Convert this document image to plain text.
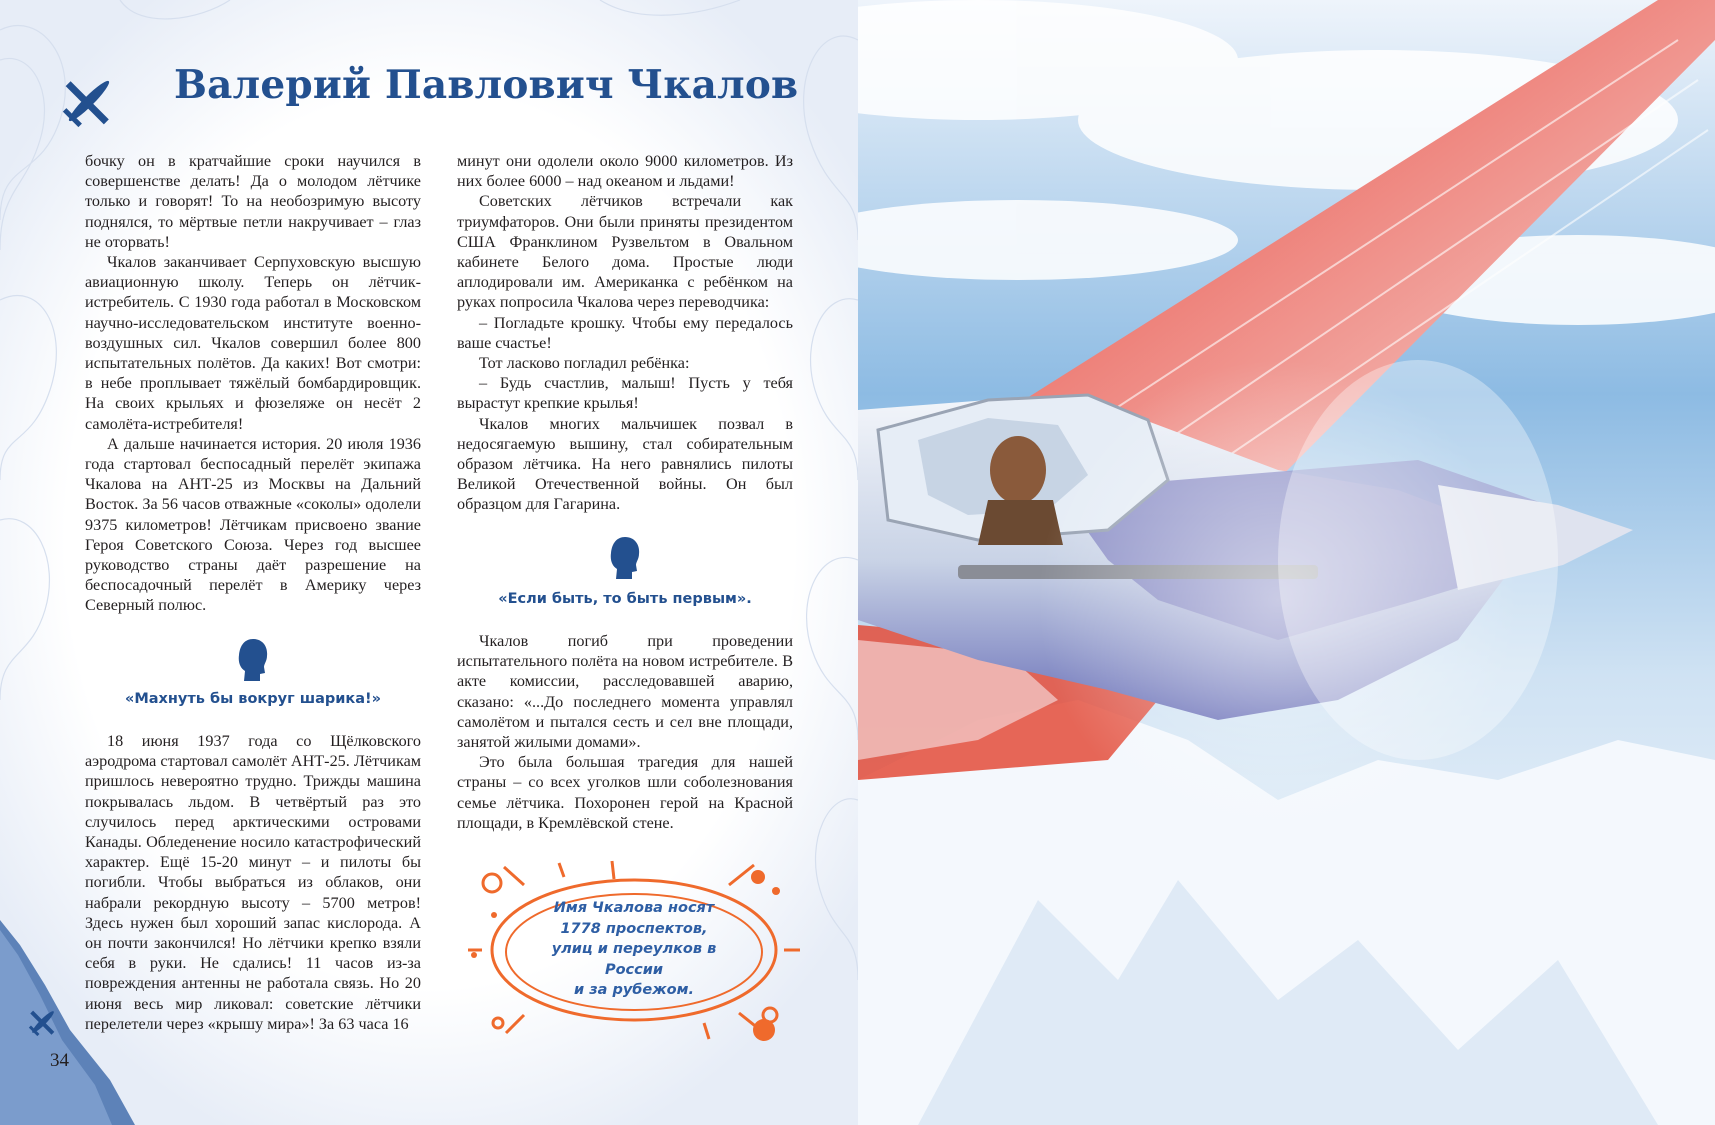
Валерий Павлович Чкалов

бочку он в кратчайшие сроки научился в совершенстве делать! Да о молодом лётчике только и говорят! То на необозримую высоту поднялся, то мёртвые петли накручивает – глаз не оторвать!

Чкалов заканчивает Серпуховскую высшую авиационную школу. Теперь он лётчик-истребитель. С 1930 года работал в Московском научно-исследовательском институте военно-воздушных сил. Чкалов совершил более 800 испытательных полётов. Да каких! Вот смотри: в небе проплывает тяжёлый бомбардировщик. На своих крыльях и фюзеляже он несёт 2 самолёта-истребителя!

А дальше начинается история. 20 июля 1936 года стартовал беспосадный перелёт экипажа Чкалова на АНТ-25 из Москвы на Дальний Восток. За 56 часов отважные «соколы» одолели 9375 километров! Лётчикам присвоено звание Героя Советского Союза. Через год высшее руководство страны даёт разрешение на беспосадочный перелёт в Америку через Северный полюс.

«Махнуть бы вокруг шарика!»

18 июня 1937 года со Щёлковского аэродрома стартовал самолёт АНТ-25. Лётчикам пришлось невероятно трудно. Трижды машина покрывалась льдом. В четвёртый раз это случилось перед арктическими островами Канады. Обледенение носило катастрофический характер. Ещё 15-20 минут – и пилоты бы погибли. Чтобы выбраться из облаков, они набрали рекордную высоту – 5700 метров! Здесь нужен был хороший запас кислорода. А он почти закончился! Но лётчики крепко взяли себя в руки. Не сдались! 11 часов из-за повреждения антенны не работала связь. Но 20 июня весь мир ликовал: советские лётчики перелетели через «крышу мира»! За 63 часа 16

минут они одолели около 9000 километров. Из них более 6000 – над океаном и льдами!

Советских лётчиков встречали как триумфаторов. Они были приняты президентом США Франклином Рузвельтом в Овальном кабинете Белого дома. Простые люди аплодировали им. Американка с ребёнком на руках попросила Чкалова через переводчика:

– Погладьте крошку. Чтобы ему передалось ваше счастье!

Тот ласково погладил ребёнка:

– Будь счастлив, малыш! Пусть у тебя вырастут крепкие крылья!

Чкалов многих мальчишек позвал в недосягаемую вышину, стал собирательным образом лётчика. На него равнялись пилоты Великой Отечественной войны. Он был образцом для Гагарина.

«Если быть, то быть первым».

Чкалов погиб при проведении испытательного полёта на новом истребителе. В акте комиссии, расследовавшей аварию, сказано: «...До последнего момента управлял самолётом и пытался сесть и сел вне площади, занятой жилыми домами».

Это была большая трагедия для нашей страны – со всех уголков шли соболезнования семье лётчика. Похоронен герой на Красной площади, в Кремлёвской стене.

Имя Чкалова носят
1778 проспектов,
улиц и переулков в России
и за рубежом.
34
